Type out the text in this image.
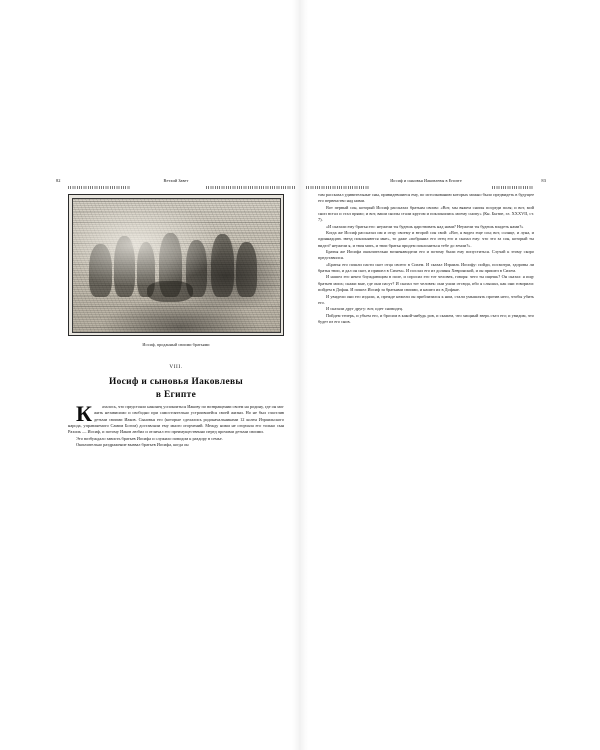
82	Ветхий Завет
Иосиф, проданный своими братьями
VIII.
Иосиф и сыновья Иаковлевы
в Египте

К	азалось, что предстояло наконец успокоиться Иакову по возвращении своем на родину, где он мог жить независимо и свободно при самостоятельно устроившейся своей жизни. Но не был счастлив детьми своими Иаков. Сыновья его (которые сделались родоначальниками 12 колен Израильского народа, управляемого Самим Богом) доставляли ему много огорчений. Между ними не огорчала его только сын Рахиль — Иосиф, и потому Иаков любил и отличал его преимущественно перед прочими детьми своими.

Это возбуждало зависть братьев Иосифа и служило поводом к раздору в семье.

Окончательно раздражение вызвал братьев Иосифа, когда он

Иосиф и сыновья Иаковлевы в Египте	83

там рассказал удивительные сны, привидевшиеся ему, по истолкованию которых можно было предвидеть в будущее его первенство над ними.

Вот первый сон, который Иосиф рассказал братьям своим: «Вот, мы вяжем снопы посреди поля; и вот, мой сноп встал и стал прямо; и вот, ваши снопы стали кругом и поклонились моему снопу» (Кн. Бытие, гл. XXXVII, ст. 7).

«И сказали ему братья его: неужели ты будешь царствовать над нами? Неужели ты будешь владеть нами?»

Когда же Иосиф рассказал им и отцу своему и второй сон свой: «Вот, я видел еще сон; вот, солнце, и луна, и одиннадцать звезд поклоняются мне», то даже «побранил его отец его и сказал ему: что это за сон, который ты видел? неужели я, и твоя мать, и твои братья придем поклониться тебе до земли?».

Братья же Иосифа окончательно возненавидели его и потому были ему попуститься. Случай к этому скоро представился.

«Братья его пошли пасти скот отца своего в Сихем. И сказал Израиль Иосифу: пойди, посмотри, здоровы ли братья твои, и дал он скот, и пришел в Сихем». И послал его из долины Хевронской, и он пришел в Сихем.

И нашел его некто блуждающим в поле, и спросил его тот человек, говоря: чего ты ищешь? Он сказал: я ищу братьев моих; скажи мне, где они пасут? И сказал тот человек: они ушли отсюда, ибо я слышал, как они говорили: пойдем в Дофан. И пошел Иосиф за братьями своими, и нашел их в Дофане.

И увидели они его издали, и, прежде нежели он приблизился к ним, стали умышлять против него, чтобы убить его.

И сказали друг другу: вот, идет сновидец.

Пойдем теперь, и убьем его, и бросим в какой-нибудь ров, и скажем, что хищный зверь съел его; и увидим, что будет из его снов.
